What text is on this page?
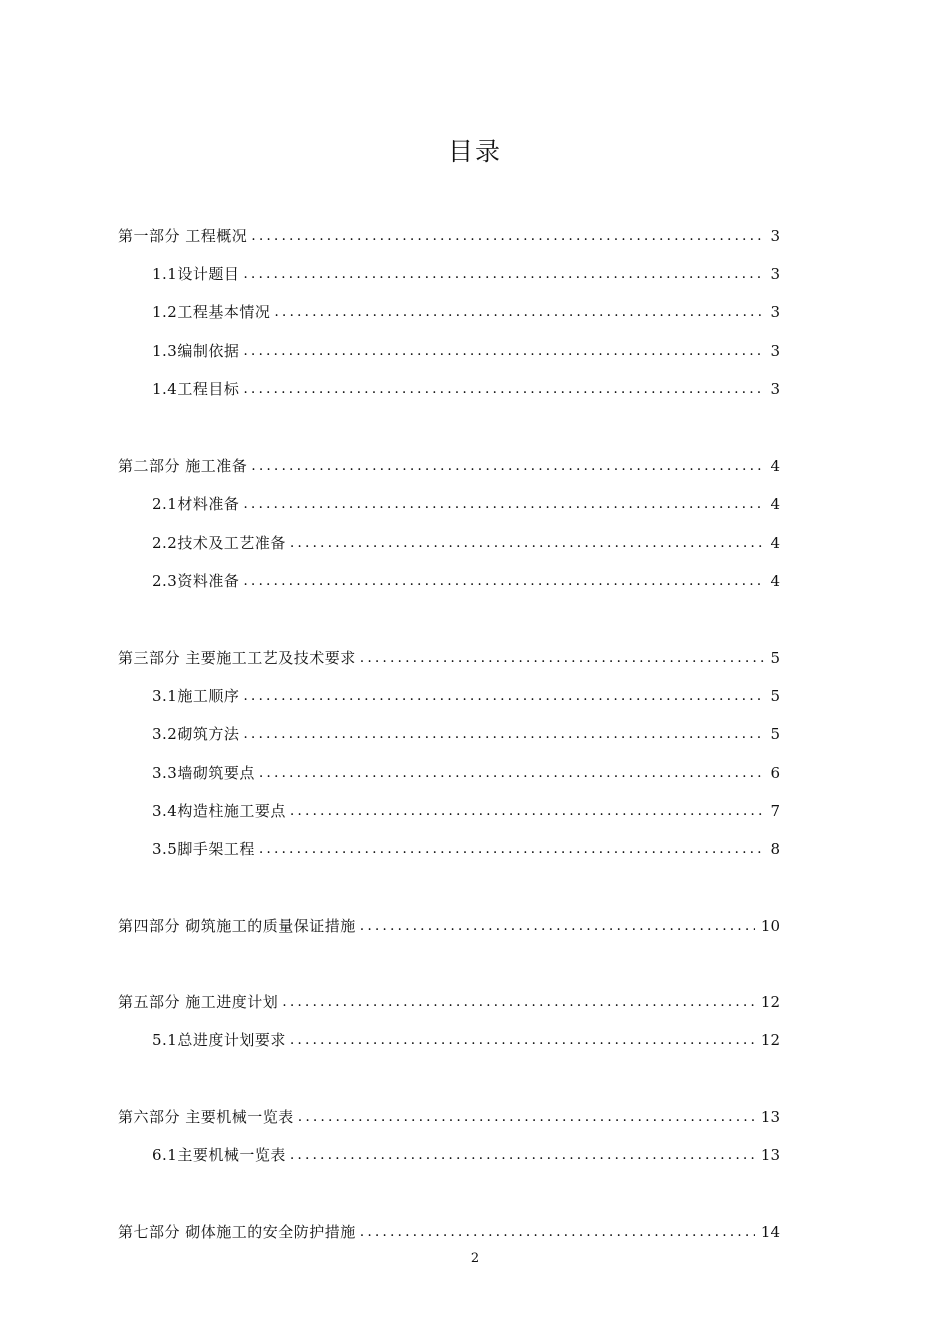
目录
第一部分 工程概况 .....	3
1.1设计题目 .....	3
1.2工程基本情况 .....	3
1.3编制依据 .....	3
1.4工程目标 .....	3
第二部分 施工准备 .....	4
2.1材料准备 .....	4
2.2技术及工艺准备 .....	4
2.3资料准备 .....	4
第三部分 主要施工工艺及技术要求 .....	5
3.1施工顺序 .....	5
3.2砌筑方法 .....	5
3.3墙砌筑要点 .....	6
3.4构造柱施工要点 .....	7
3.5脚手架工程 .....	8
第四部分 砌筑施工的质量保证措施 .....	10
第五部分 施工进度计划 .....	12
5.1总进度计划要求 .....	12
第六部分 主要机械一览表 .....	13
6.1主要机械一览表 .....	13
第七部分 砌体施工的安全防护措施 .....	14
2
